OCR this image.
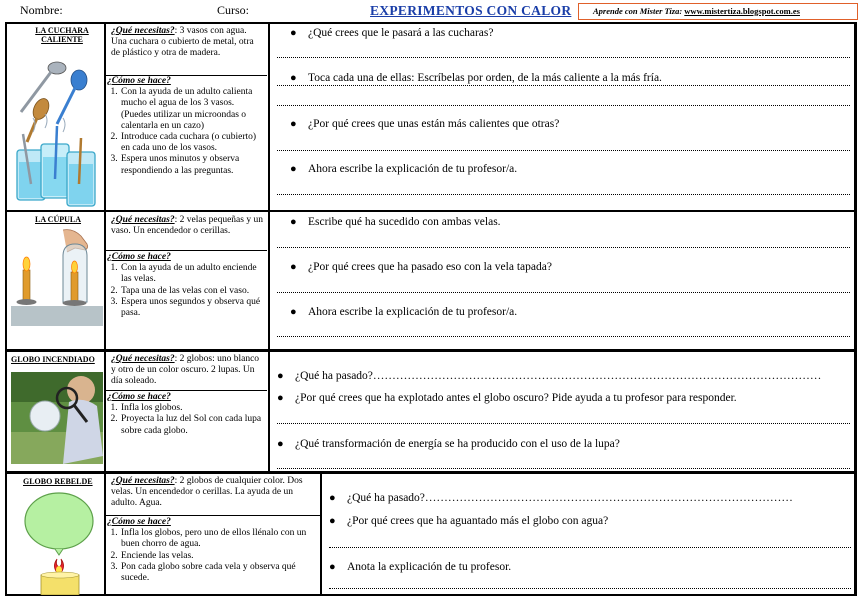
Nombre:	Curso:	EXPERIMENTOS CON CALOR	Aprende con Mister Tiza: www.mistertiza.blogspot.com.es
LA CUCHARA
CALIENTE
¿Qué necesitas?: 3 vasos con agua. Una cuchara o cubierto de metal, otra de plástico y otra de madera.
¿Cómo se hace?
1. Con la ayuda de un adulto calienta mucho el agua de los 3 vasos. (Puedes utilizar un microondas o calentarla en un cazo)
2. Introduce cada cuchara (o cubierto) en cada uno de los vasos.
3. Espera unos minutos y observa respondiendo a las preguntas.
● ¿Qué crees que le pasará a las cucharas?
● Toca cada una de ellas: Escríbelas por orden, de la más caliente a la más fría.
● ¿Por qué crees que unas están más calientes que otras?
● Ahora escribe la explicación de tu profesor/a.
LA CÚPULA	¿Qué necesitas?: 2 velas pequeñas y un vaso. Un encendedor o cerillas.
¿Cómo se hace?
1. Con la ayuda de un adulto enciende las velas.
2. Tapa una de las velas con el vaso.
3. Espera unos segundos y observa qué pasa.
● Escribe qué ha sucedido con ambas velas.
● ¿Por qué crees que ha pasado eso con la vela tapada?
● Ahora escribe la explicación de tu profesor/a.
GLOBO INCENDIADO	¿Qué necesitas?: 2 globos: uno blanco y otro de un color oscuro. 2 lupas. Un día soleado.
¿Cómo se hace?
1. Infla los globos.
2. Proyecta la luz del Sol con cada lupa sobre cada globo.
● ¿Qué ha pasado?………………………………………………………………………………………………………
● ¿Por qué crees que ha explotado antes el globo oscuro? Pide ayuda a tu profesor para responder.
● ¿Qué transformación de energía se ha producido con el uso de la lupa?
GLOBO REBELDE	¿Qué necesitas?: 2 globos de cualquier color. Dos velas. Un encendedor o cerillas. La ayuda de un adulto. Agua.
¿Cómo se hace?
1. Infla los globos, pero uno de ellos llénalo con un buen chorro de agua.
2. Enciende las velas.
3. Pon cada globo sobre cada vela y observa qué sucede.
● ¿Qué ha pasado?……………………………………………………………………………………
● ¿Por qué crees que ha aguantado más el globo con agua?
● Anota la explicación de tu profesor.
